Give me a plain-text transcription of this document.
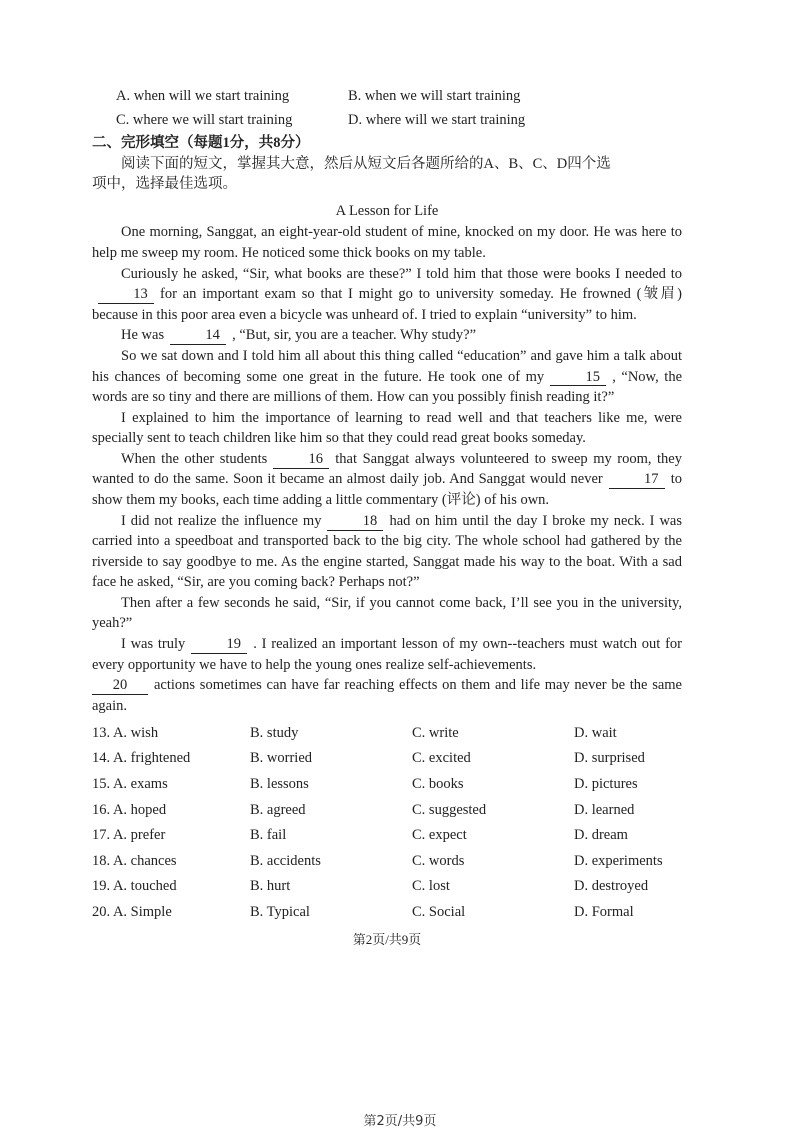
A. when will we start training	B. when we will start training
C. where we will start training	D. where will we start training
二、完形填空（每题1分，共8分）

阅读下面的短文，掌握其大意，然后从短文后各题所给的A、B、C、D四个选

项中，选择最佳选项。

A Lesson for Life

One morning, Sanggat, an eight-year-old student of mine, knocked on my door. He was here to help me sweep my room. He noticed some thick books on my table.

Curiously he asked, “Sir, what books are these?” I told him that those were books I needed to13 for an important exam so that I might go to university someday. He frowned (皱眉) because in this poor area even a bicycle was unheard of. I tried to explain “university” to him.

He was	14 , “But, sir, you are a teacher. Why study?”

So we sat down and I told him all about this thing called “education” and gave him a talk about his chances of becoming some one great in the future. He took one of my	15 , “Now, the words are so tiny and there are millions of them. How can you possibly finish reading it?”

I explained to him the importance of learning to read well and that teachers like me, were specially sent to teach children like him so that they could read great books someday.

When the other students	16 that Sanggat always volunteered to sweep my room, they wanted to do the same. Soon it became an almost daily job. And Sanggat would never	17 to show them my books, each time adding a little commentary (评论) of his own.

I did not realize the influence my	18 had on him until the day I broke my neck. I was carried into a speedboat and transported back to the big city. The whole school had gathered by the riverside to say goodbye to me. As the engine started, Sanggat made his way to the boat. With a sad face he asked, “Sir, are you coming back? Perhaps not?”

Then after a few seconds he said, “Sir, if you cannot come back, I’ll see you in the university, yeah?”

I was truly	19 . I realized an important lesson of my own--teachers must watch out for every opportunity we have to help the young ones realize self-achievements.

20 actions sometimes can have far reaching effects on them and life may never be the same again.

13. A. wish	B. study	C. write	D. wait
14. A. frightened	B. worried	C. excited	D. surprised
15. A. exams	B. lessons	C. books	D. pictures
16. A. hoped	B. agreed	C. suggested	D. learned
17. A. prefer	B. fail	C. expect	D. dream
18. A. chances	B. accidents	C. words	D. experiments
19. A. touched	B. hurt	C. lost	D. destroyed
20. A. Simple	B. Typical	C. Social	D. Formal
第2页/共9页
第2页/共9页
